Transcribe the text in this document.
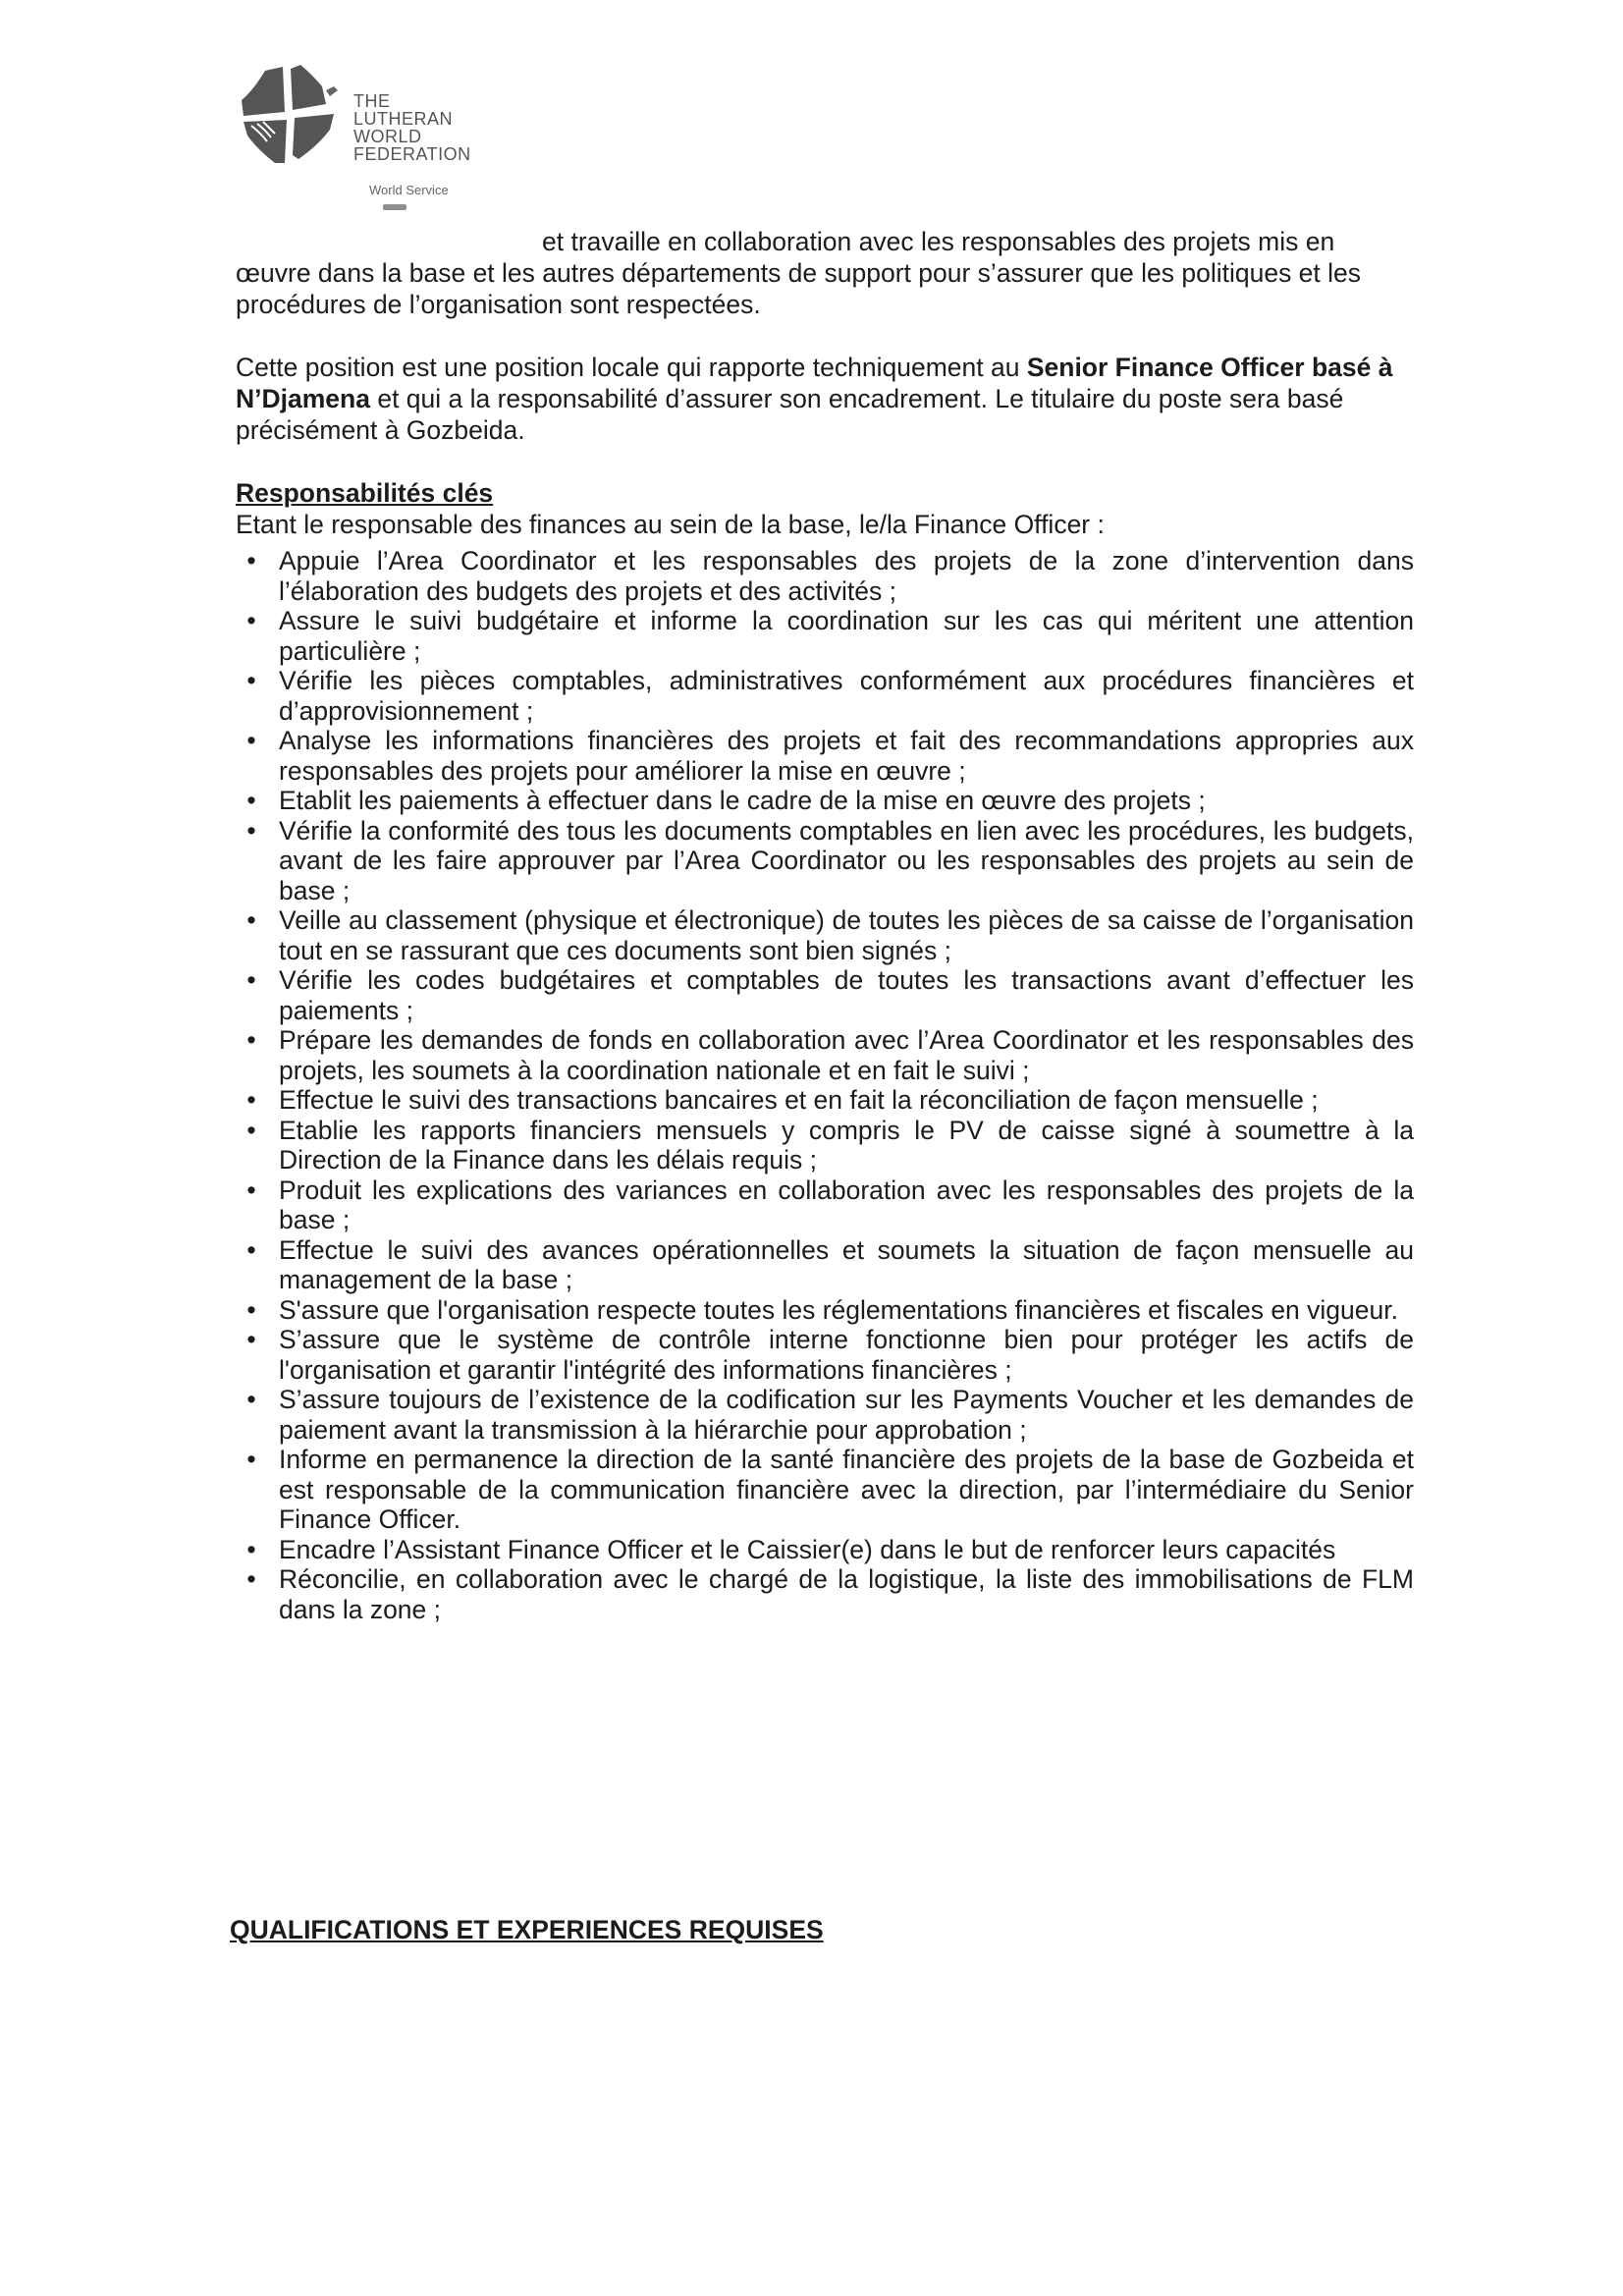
THE
LUTHERAN
WORLD
FEDERATION
World Service

et travaille en collaboration avec les responsables des projets mis en
œuvre dans la base et les autres départements de support pour s’assurer que les politiques et les procédures de l’organisation sont respectées.

Cette position est une position locale qui rapporte techniquement au Senior Finance Officer basé à N’Djamena et qui a la responsabilité d’assurer son encadrement. Le titulaire du poste sera basé précisément à Gozbeida.

Responsabilités clés

Etant le responsable des finances au sein de la base, le/la Finance Officer :

• Appuie l’Area Coordinator et les responsables des projets de la zone d’intervention dans l’élaboration des budgets des projets et des activités ;
• Assure le suivi budgétaire et informe la coordination sur les cas qui méritent une attention particulière ;
• Vérifie les pièces comptables, administratives conformément aux procédures financières et d’approvisionnement ;
• Analyse les informations financières des projets et fait des recommandations appropries aux responsables des projets pour améliorer la mise en œuvre ;
• Etablit les paiements à effectuer dans le cadre de la mise en œuvre des projets ;
• Vérifie la conformité des tous les documents comptables en lien avec les procédures, les budgets, avant de les faire approuver par l’Area Coordinator ou les responsables des projets au sein de base ;
• Veille au classement (physique et électronique) de toutes les pièces de sa caisse de l’organisation tout en se rassurant que ces documents sont bien signés ;
• Vérifie les codes budgétaires et comptables de toutes les transactions avant d’effectuer les paiements ;
• Prépare les demandes de fonds en collaboration avec l’Area Coordinator et les responsables des projets, les soumets à la coordination nationale et en fait le suivi ;
• Effectue le suivi des transactions bancaires et en fait la réconciliation de façon mensuelle ;
• Etablie les rapports financiers mensuels y compris le PV de caisse signé à soumettre à la Direction de la Finance dans les délais requis ;
• Produit les explications des variances en collaboration avec les responsables des projets de la base ;
• Effectue le suivi des avances opérationnelles et soumets la situation de façon mensuelle au management de la base ;
• S'assure que l'organisation respecte toutes les réglementations financières et fiscales en vigueur.
• S’assure que le système de contrôle interne fonctionne bien pour protéger les actifs de l'organisation et garantir l'intégrité des informations financières ;
• S’assure toujours de l’existence de la codification sur les Payments Voucher et les demandes de paiement avant la transmission à la hiérarchie pour approbation ;
• Informe en permanence la direction de la santé financière des projets de la base de Gozbeida et est responsable de la communication financière avec la direction, par l’intermédiaire du Senior Finance Officer.
• Encadre l’Assistant Finance Officer et le Caissier(e) dans le but de renforcer leurs capacités
• Réconcilie, en collaboration avec le chargé de la logistique, la liste des immobilisations de FLM dans la zone ;
QUALIFICATIONS ET EXPERIENCES REQUISES
